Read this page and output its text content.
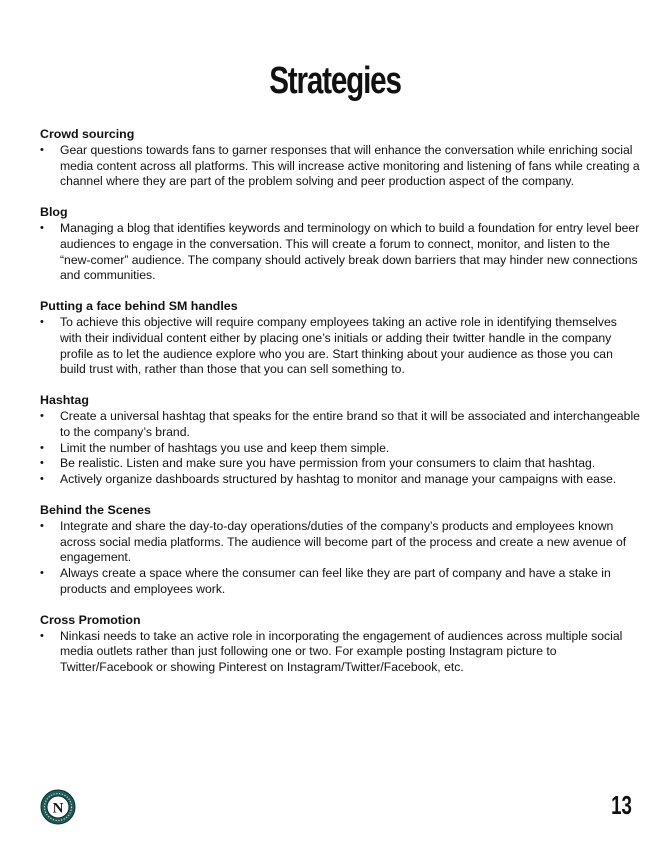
Strategies

Crowd sourcing

• Gear questions towards fans to garner responses that will enhance the conversation while enriching social media content across all platforms. This will increase active monitoring and listening of fans while creating a channel where they are part of the problem solving and peer production aspect of the company.

Blog

• Managing a blog that identifies keywords and terminology on which to build a foundation for entry level beer audiences to engage in the conversation. This will create a forum to connect, monitor, and listen to the “new-comer” audience. The company should actively break down barriers that may hinder new connections and communities.

Putting a face behind SM handles

• To achieve this objective will require company employees taking an active role in identifying themselves with their individual content either by placing one’s initials or adding their twitter handle in the company profile as to let the audience explore who you are. Start thinking about your audience as those you can build trust with, rather than those that you can sell something to.

Hashtag

• Create a universal hashtag that speaks for the entire brand so that it will be associated and interchangeable to the company’s brand.
• Limit the number of hashtags you use and keep them simple.
• Be realistic. Listen and make sure you have permission from your consumers to claim that hashtag.
• Actively organize dashboards structured by hashtag to monitor and manage your campaigns with ease.

Behind the Scenes

• Integrate and share the day-to-day operations/duties of the company’s products and employees known across social media platforms. The audience will become part of the process and create a new avenue of engagement.
• Always create a space where the consumer can feel like they are part of company and have a stake in products and employees work.

Cross Promotion

• Ninkasi needs to take an active role in incorporating the engagement of audiences across multiple social media outlets rather than just following one or two. For example posting Instagram picture to Twitter/Facebook or showing Pinterest on Instagram/Twitter/Facebook, etc.
N	13
